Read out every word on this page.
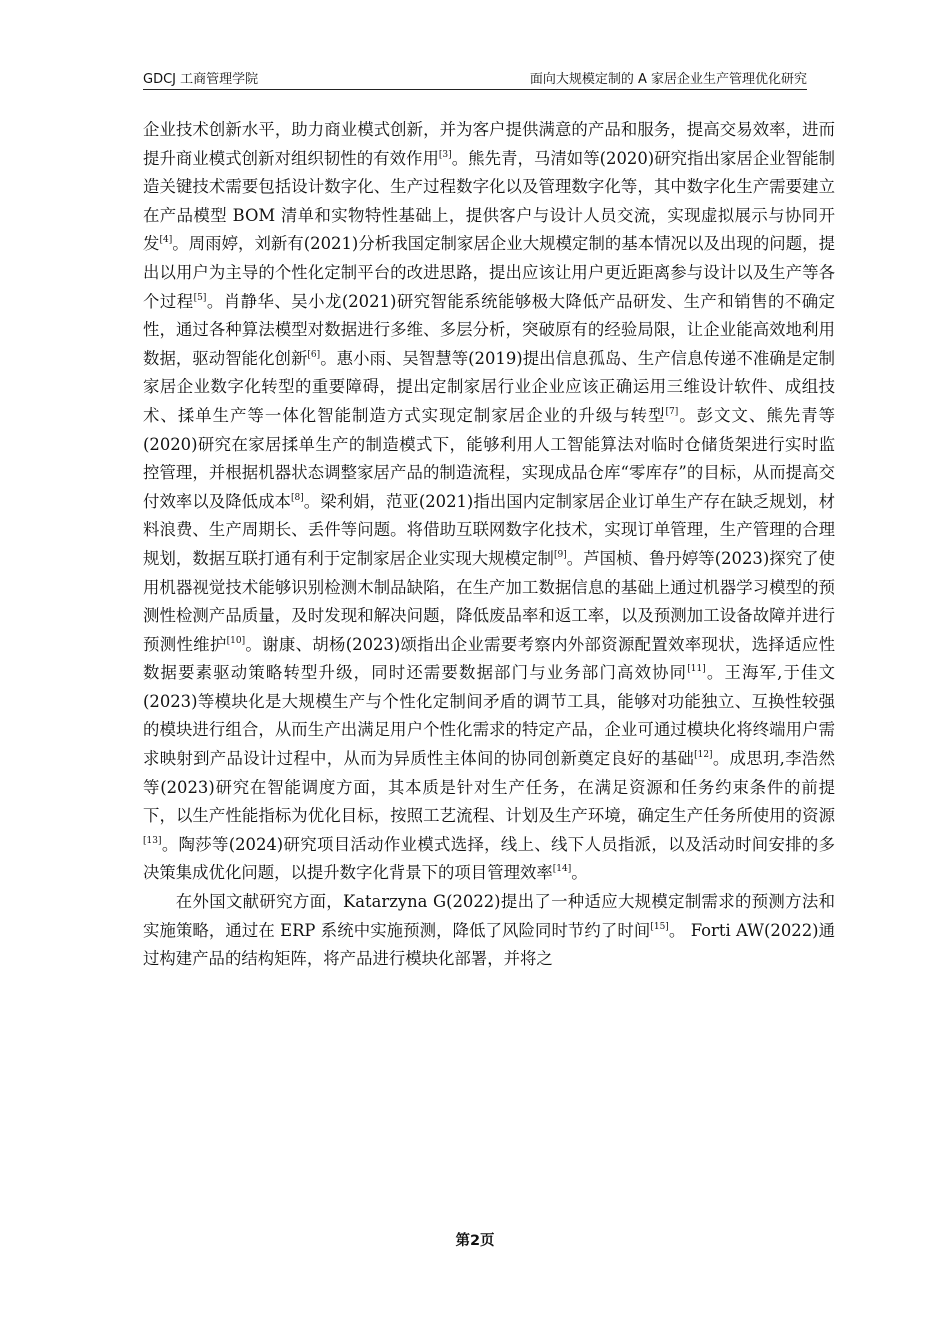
GDCJ 工商管理学院	面向大规模定制的 A 家居企业生产管理优化研究

企业技术创新水平，助力商业模式创新，并为客户提供满意的产品和服务，提高交易效率，进而提升商业模式创新对组织韧性的有效作用[3]。熊先青，马清如等(2020)研究指出家居企业智能制造关键技术需要包括设计数字化、生产过程数字化以及管理数字化等，其中数字化生产需要建立在产品模型 BOM 清单和实物特性基础上，提供客户与设计人员交流，实现虚拟展示与协同开发[4]。周雨婷，刘新有(2021)分析我国定制家居企业大规模定制的基本情况以及出现的问题，提出以用户为主导的个性化定制平台的改进思路，提出应该让用户更近距离参与设计以及生产等各个过程[5]。肖静华、吴小龙(2021)研究智能系统能够极大降低产品研发、生产和销售的不确定性，通过各种算法模型对数据进行多维、多层分析，突破原有的经验局限，让企业能高效地利用数据，驱动智能化创新[6]。惠小雨、吴智慧等(2019)提出信息孤岛、生产信息传递不准确是定制家居企业数字化转型的重要障碍，提出定制家居行业企业应该正确运用三维设计软件、成组技术、揉单生产等一体化智能制造方式实现定制家居企业的升级与转型[7]。彭文文、熊先青等(2020)研究在家居揉单生产的制造模式下，能够利用人工智能算法对临时仓储货架进行实时监控管理，并根据机器状态调整家居产品的制造流程，实现成品仓库“零库存”的目标，从而提高交付效率以及降低成本[8]。梁利娟，范亚(2021)指出国内定制家居企业订单生产存在缺乏规划，材料浪费、生产周期长、丢件等问题。将借助互联网数字化技术，实现订单管理，生产管理的合理规划，数据互联打通有利于定制家居企业实现大规模定制[9]。芦国桢、鲁丹婷等(2023)探究了使用机器视觉技术能够识别检测木制品缺陷，在生产加工数据信息的基础上通过机器学习模型的预测性检测产品质量，及时发现和解决问题，降低废品率和返工率，以及预测加工设备故障并进行预测性维护[10]。谢康、胡杨(2023)颂指出企业需要考察内外部资源配置效率现状，选择适应性数据要素驱动策略转型升级，同时还需要数据部门与业务部门高效协同[11]。王海军,于佳文(2023)等模块化是大规模生产与个性化定制间矛盾的调节工具，能够对功能独立、互换性较强的模块进行组合，从而生产出满足用户个性化需求的特定产品，企业可通过模块化将终端用户需求映射到产品设计过程中，从而为异质性主体间的协同创新奠定良好的基础[12]。成思玥,李浩然等(2023)研究在智能调度方面，其本质是针对生产任务，在满足资源和任务约束条件的前提下，以生产性能指标为优化目标，按照工艺流程、计划及生产环境，确定生产任务所使用的资源[13]。陶莎等(2024)研究项目活动作业模式选择，线上、线下人员指派，以及活动时间安排的多决策集成优化问题，以提升数字化背景下的项目管理效率[14]。

在外国文献研究方面，Katarzyna G(2022)提出了一种适应大规模定制需求的预测方法和实施策略，通过在 ERP 系统中实施预测，降低了风险同时节约了时间[15]。 Forti AW(2022)通过构建产品的结构矩阵，将产品进行模块化部署，并将之

第2页
